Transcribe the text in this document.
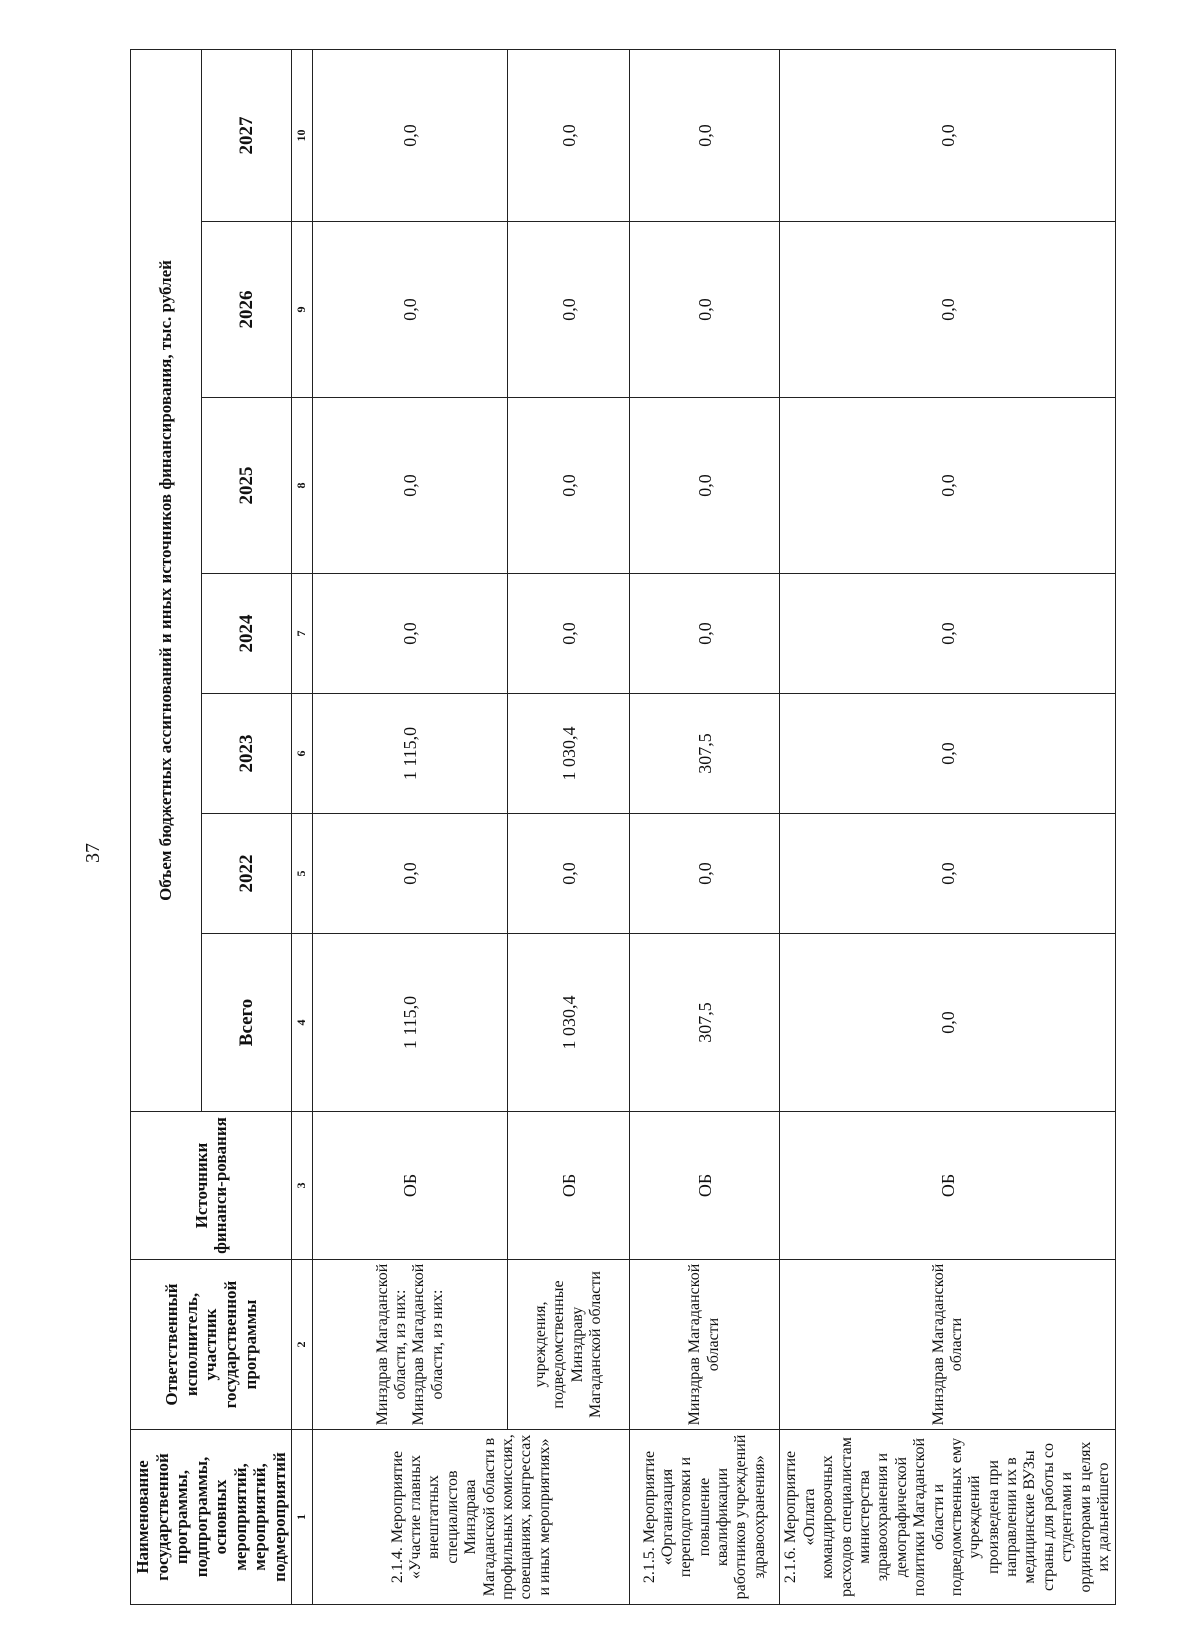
37
Наименование государственной программы, подпрограммы, основных мероприятий, мероприятий, подмероприятий	Ответственный исполнитель, участник государственной программы	Источники финанси-рования	Объем бюджетных ассигнований и иных источников финансирования, тыс. рублей						
			Всего	2022	2023	2024	2025	2026	2027
1	2	3	4	5	6	7	8	9	10
2.1.4. Мероприятие «Участие главных внештатных специалистов Минздрава Магаданской области в профильных комиссиях, совещаниях, конгрессах и иных мероприятиях»	Минздрав Магаданской области, из них: Минздрав Магаданской области, из них:	ОБ	1 115,0	0,0	1 115,0	0,0	0,0	0,0	0,0
	учреждения, подведомственные Минздраву Магаданской области	ОБ	1 030,4	0,0	1 030,4	0,0	0,0	0,0	0,0
2.1.5. Мероприятие «Организация переподготовки и повышение квалификации работников учреждений здравоохранения»	Минздрав Магаданской области	ОБ	307,5	0,0	307,5	0,0	0,0	0,0	0,0
2.1.6. Мероприятие «Оплата командировочных расходов специалистам министерства здравоохранения и демографической политики Магаданской области и подведомственных ему учреждений произведена при направлении их в медицинские ВУЗы страны для работы со студентами и ординаторами в целях их дальнейшего	Минздрав Магаданской области	ОБ	0,0	0,0	0,0	0,0	0,0	0,0	0,0
